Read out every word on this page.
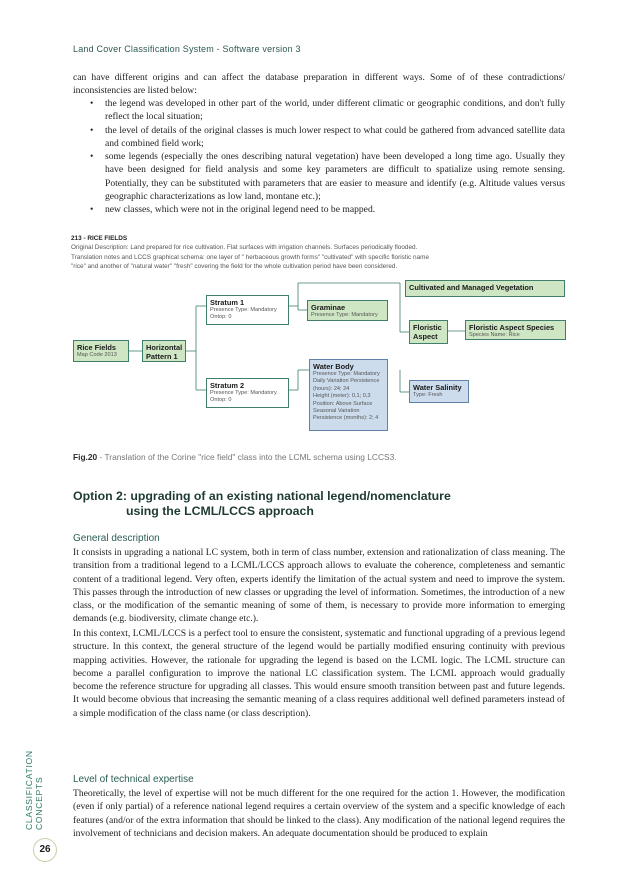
Land Cover Classification System - Software version 3

can have different origins and can affect the database preparation in different ways. Some of of these contradictions/ inconsistencies are listed below:

• the legend was developed in other part of the world, under different climatic or geographic conditions, and don't fully reflect the local situation;
• the level of details of the original classes is much lower respect to what could be gathered from advanced satellite data and combined field work;
• some legends (especially the ones describing natural vegetation) have been developed a long time ago. Usually they have been designed for field analysis and some key parameters are difficult to spatialize using remote sensing. Potentially, they can be substituted with parameters that are easier to measure and identify (e.g. Altitude values versus geographic characterizations as low land, montane etc.);
• new classes, which were not in the original legend need to be mapped.
213 - RICE FIELDS
Original Description: Land prepared for rice cultivation. Flat surfaces with irrigation channels. Surfaces periodically flooded.
Translation notes and LCCS graphical schema: one layer of " herbaceous growth forms" "cultivated" with specific floristic name
"rice" and another of "natural water" "fresh" covering the field for the whole cultivation period have been considered.
Rice Fields
Map Code 2013
Horizontal Pattern 1
Stratum 1
Presence Type: Mandatory
Ontop: 0
Graminae
Presence Type: Mandatory
Cultivated and Managed Vegetation
Floristic Aspect
Floristic Aspect Species
Species Name: Rice
Stratum 2
Presence Type: Mandatory
Ontop: 0
Water Body
Presence Type: Mandatory
Daily Variation Persistence
(hours): 24; 24
Height (meter): 0,1; 0,3
Position: Above Surface
Seasonal Variation
Persistence (months): 2; 4
Water Salinity
Type: Fresh
Fig.20 - Translation of the Corine "rice field" class into the LCML schema using LCCS3.
Option 2: upgrading of an existing national legend/nomenclature
using the LCML/LCCS approach
General description

It consists in upgrading a national LC system, both in term of class number, extension and rationalization of class meaning. The transition from a traditional legend to a LCML/LCCS approach allows to evaluate the coherence, completeness and semantic content of a traditional legend. Very often, experts identify the limitation of the actual system and need to improve the system. This passes through the introduction of new classes or upgrading the level of information. Sometimes, the introduction of a new class, or the modification of the semantic meaning of some of them, is necessary to provide more information to emerging demands (e.g. biodiversity, climate change etc.).

In this context, LCML/LCCS is a perfect tool to ensure the consistent, systematic and functional upgrading of a previous legend structure. In this context, the general structure of the legend would be partially modified ensuring continuity with previous mapping activities. However, the rationale for upgrading the legend is based on the LCML logic. The LCML structure can become a parallel configuration to improve the national LC classification system. The LCML approach would gradually become the reference structure for upgrading all classes. This would ensure smooth transition between past and future legends. It would become obvious that increasing the semantic meaning of a class requires additional well defined parameters instead of a simple modification of the class name (or class description).

Level of technical expertise

Theoretically, the level of expertise will not be much different for the one required for the action 1. However, the modification (even if only partial) of a reference national legend requires a certain overview of the system and a specific knowledge of each features (and/or of the extra information that should be linked to the class). Any modification of the national legend requires the involvement of technicians and decision makers. An adequate documentation should be produced to explain

CLASSIFICATION CONCEPTS
26
